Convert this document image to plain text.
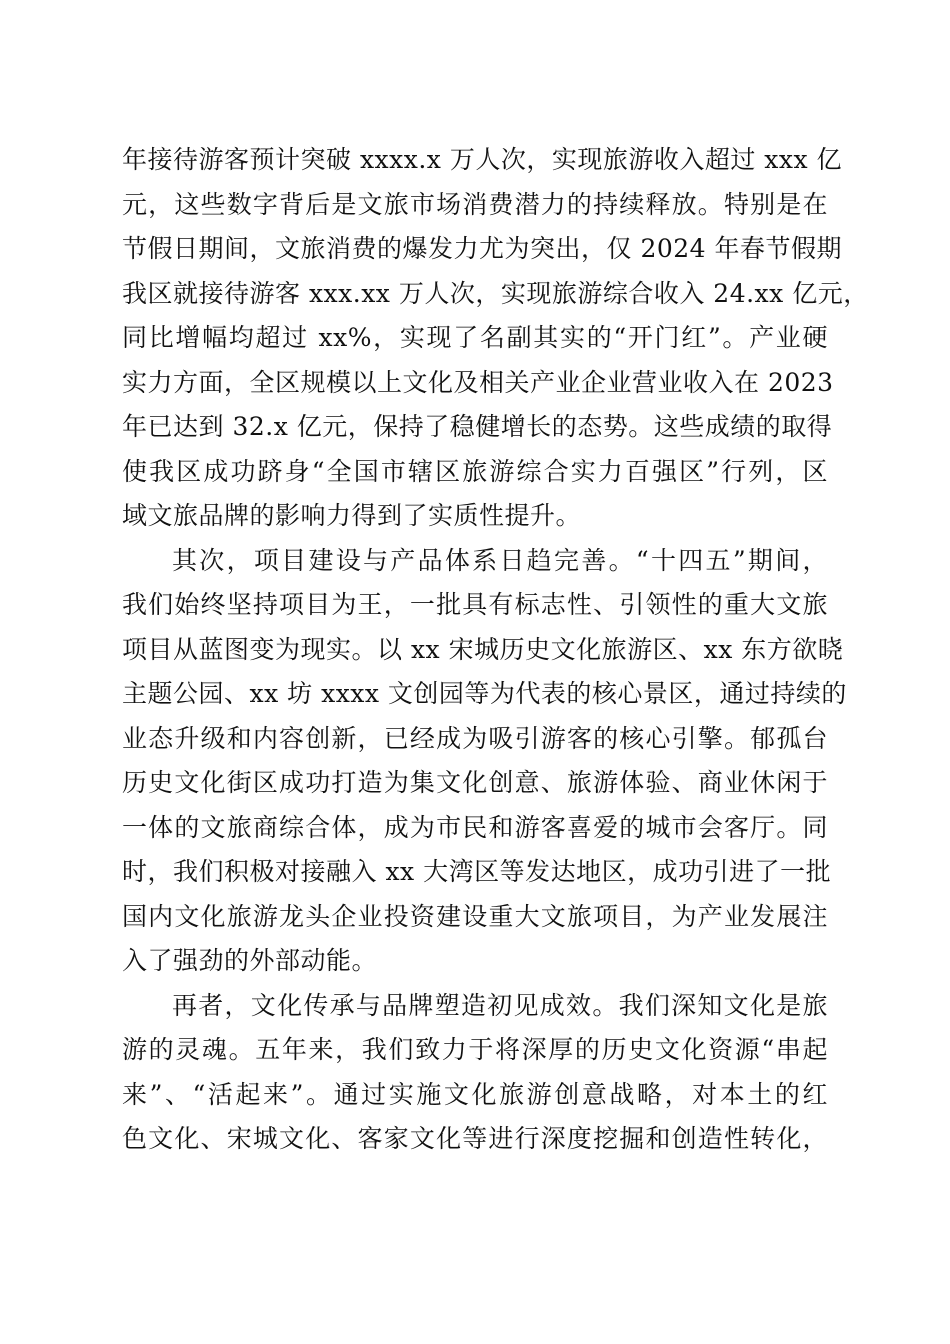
年接待游客预计突破 xxxx.x 万人次，实现旅游收入超过 xxx 亿
元，这些数字背后是文旅市场消费潜力的持续释放。特别是在
节假日期间，文旅消费的爆发力尤为突出，仅 2024 年春节假期
我区就接待游客 xxx.xx 万人次，实现旅游综合收入 24.xx 亿元，
同比增幅均超过 xx%，实现了名副其实的“开门红”。产业硬
实力方面，全区规模以上文化及相关产业企业营业收入在 2023
年已达到 32.x 亿元，保持了稳健增长的态势。这些成绩的取得
使我区成功跻身“全国市辖区旅游综合实力百强区”行列，区
域文旅品牌的影响力得到了实质性提升。
其次，项目建设与产品体系日趋完善。“十四五”期间，
我们始终坚持项目为王，一批具有标志性、引领性的重大文旅
项目从蓝图变为现实。以 xx 宋城历史文化旅游区、xx 东方欲晓
主题公园、xx 坊 xxxx 文创园等为代表的核心景区，通过持续的
业态升级和内容创新，已经成为吸引游客的核心引擎。郁孤台
历史文化街区成功打造为集文化创意、旅游体验、商业休闲于
一体的文旅商综合体，成为市民和游客喜爱的城市会客厅。同
时，我们积极对接融入 xx 大湾区等发达地区，成功引进了一批
国内文化旅游龙头企业投资建设重大文旅项目，为产业发展注
入了强劲的外部动能。
再者，文化传承与品牌塑造初见成效。我们深知文化是旅
游的灵魂。五年来，我们致力于将深厚的历史文化资源“串起
来”、“活起来”。通过实施文化旅游创意战略，对本土的红
色文化、宋城文化、客家文化等进行深度挖掘和创造性转化，
